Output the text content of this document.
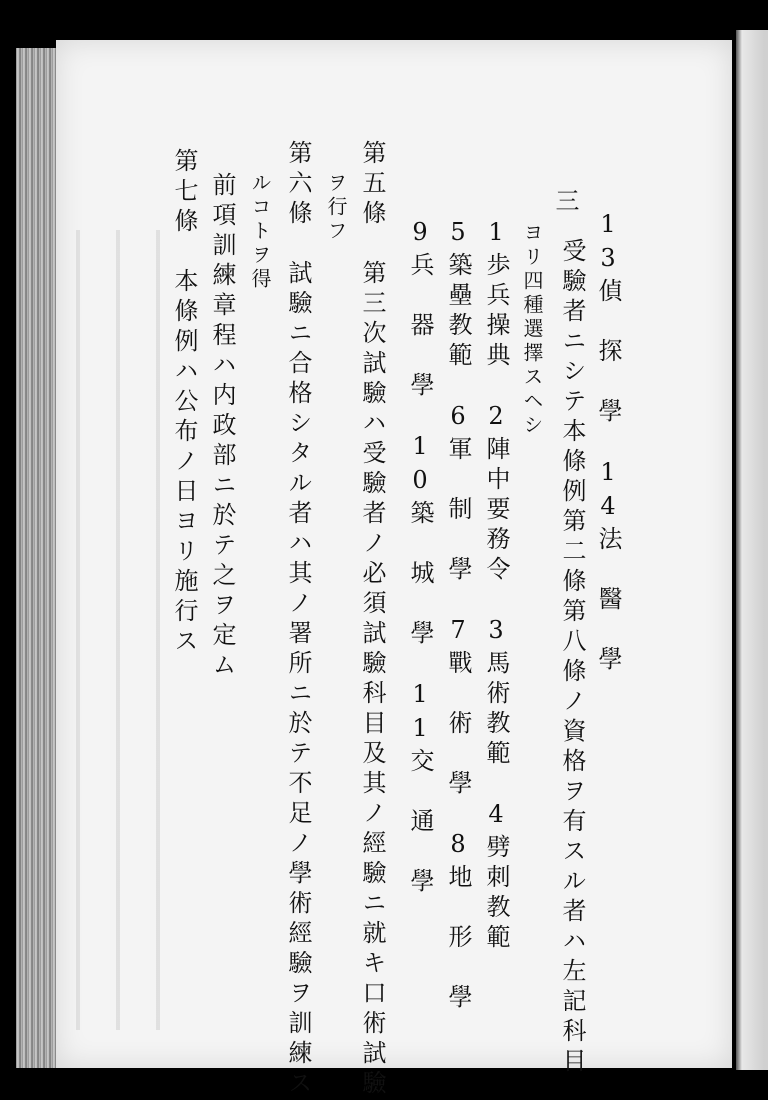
三
13偵　探　學　14法　醫　學
受驗者ニシテ本條例第二條第八條ノ資格ヲ有スル者ハ左記科目
ヨリ四種選擇スヘシ
1歩兵操典　2陣中要務令　3馬術教範　4劈刺教範
5築壘教範　6軍　制　學　7戰　術　學　8地　形　學
9兵　器　學　10築　城　學　11交　通　學
第五條　第三次試驗ハ受驗者ノ必須試驗科目及其ノ經驗ニ就キ口術試驗
ヲ行フ
第六條　試驗ニ合格シタル者ハ其ノ署所ニ於テ不足ノ學術經驗ヲ訓練ス
ルコトヲ得
前項訓練章程ハ内政部ニ於テ之ヲ定ム
第七條　本條例ハ公布ノ日ヨリ施行ス
